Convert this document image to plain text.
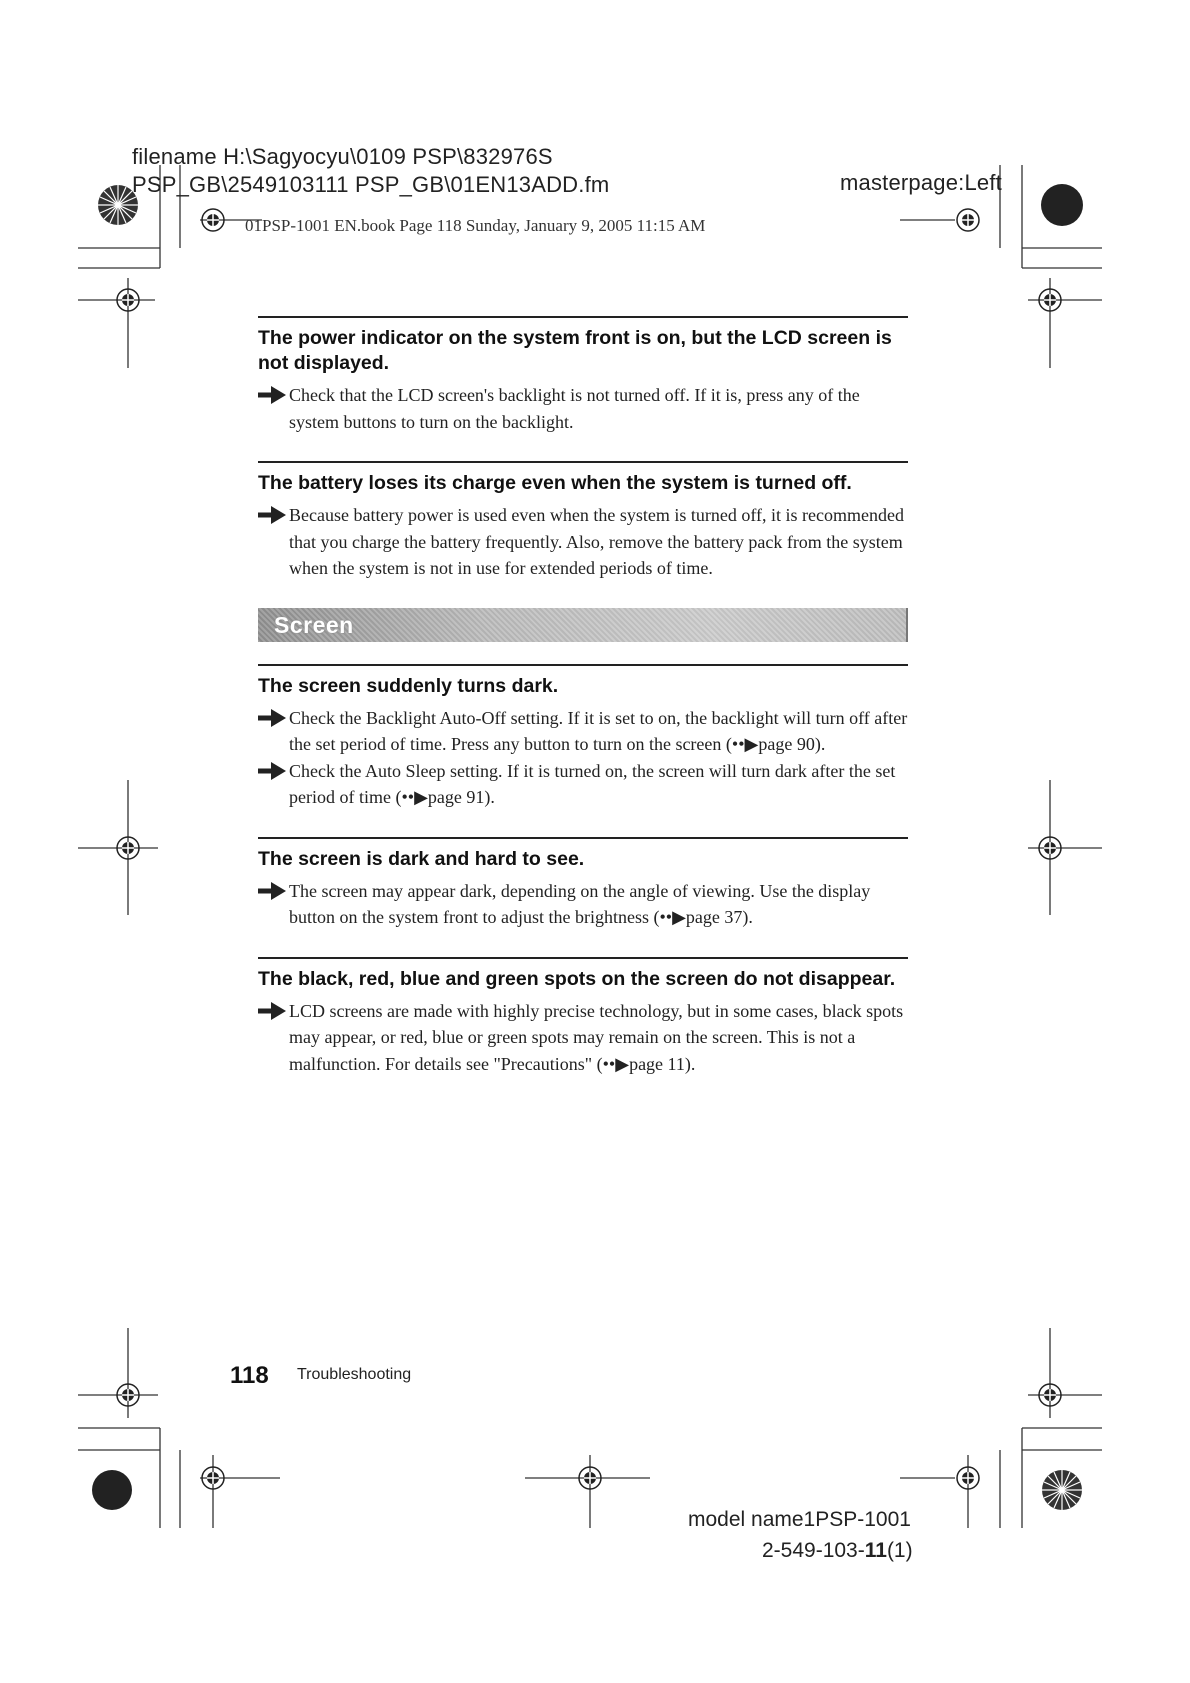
filename H:\Sagyocyu\0109 PSP\832976S
PSP_GB\2549103111 PSP_GB\01EN13ADD.fm	masterpage:Left
01PSP-1001 EN.book Page 118 Sunday, January 9, 2005 11:15 AM
The power indicator on the system front is on, but the LCD screen is not displayed.
Check that the LCD screen's backlight is not turned off. If it is, press any of the system buttons to turn on the backlight.
The battery loses its charge even when the system is turned off.
Because battery power is used even when the system is turned off, it is recommended that you charge the battery frequently. Also, remove the battery pack from the system when the system is not in use for extended periods of time.
Screen
The screen suddenly turns dark.
Check the Backlight Auto-Off setting. If it is set to on, the backlight will turn off after the set period of time. Press any button to turn on the screen (••▶page 90).
Check the Auto Sleep setting. If it is turned on, the screen will turn dark after the set period of time (••▶page 91).
The screen is dark and hard to see.
The screen may appear dark, depending on the angle of viewing. Use the display button on the system front to adjust the brightness (••▶page 37).
The black, red, blue and green spots on the screen do not disappear.
LCD screens are made with highly precise technology, but in some cases, black spots may appear, or red, blue or green spots may remain on the screen. This is not a malfunction. For details see "Precautions" (••▶page 11).
118 Troubleshooting
model name1PSP-1001
2-549-103-11(1)
